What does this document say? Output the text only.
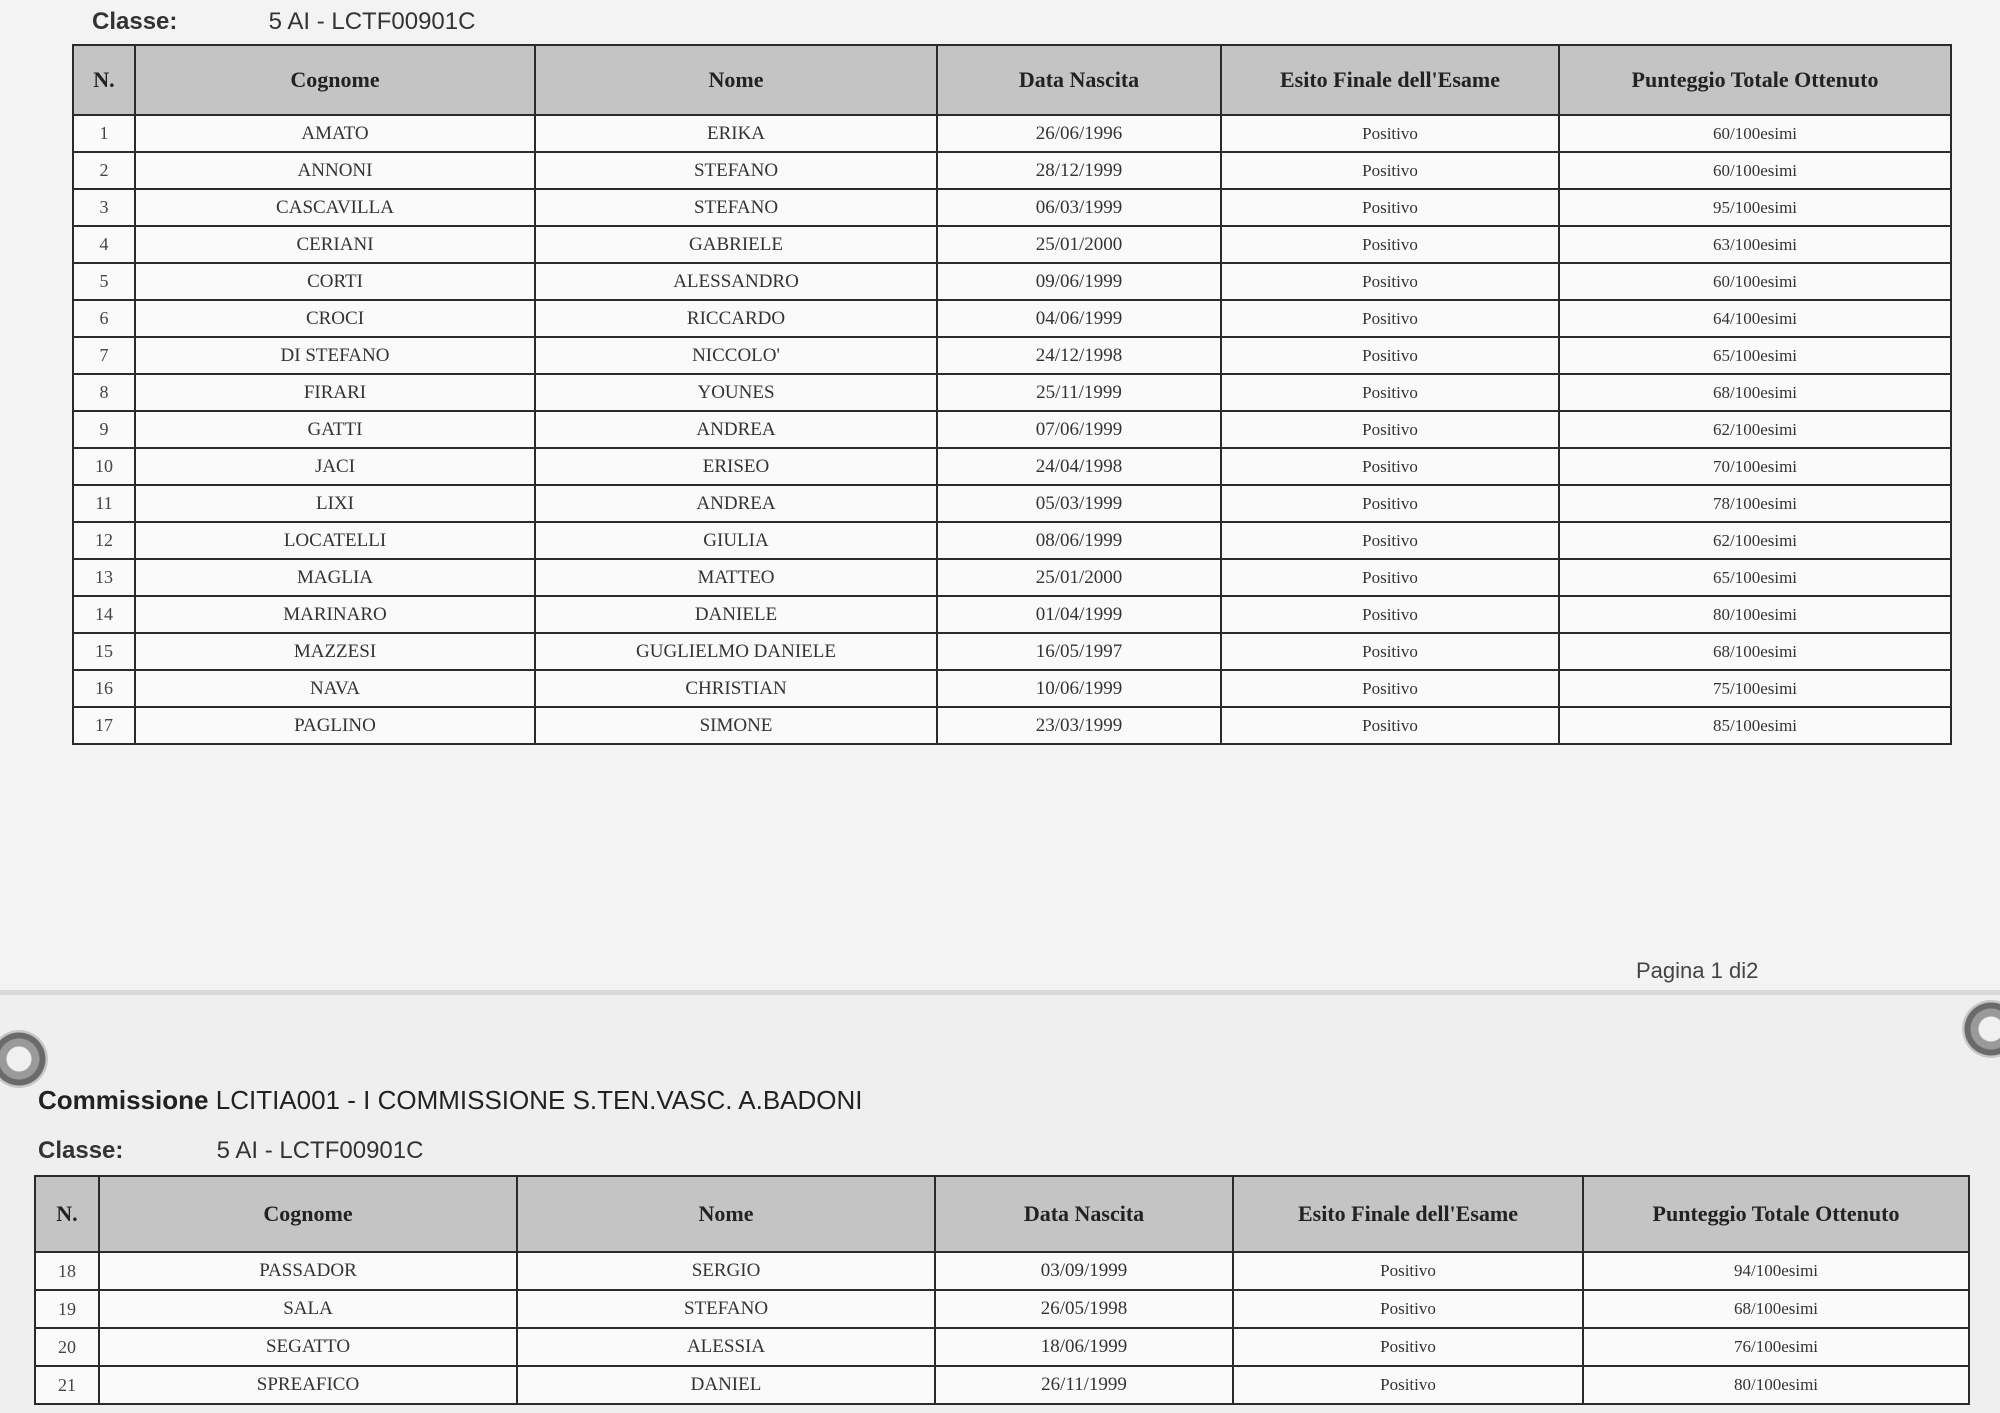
Classe:	5 AI - LCTF00901C
N.	Cognome	Nome	Data Nascita	Esito Finale dell'Esame	Punteggio Totale Ottenuto
1	AMATO	ERIKA	26/06/1996	Positivo	60/100esimi
2	ANNONI	STEFANO	28/12/1999	Positivo	60/100esimi
3	CASCAVILLA	STEFANO	06/03/1999	Positivo	95/100esimi
4	CERIANI	GABRIELE	25/01/2000	Positivo	63/100esimi
5	CORTI	ALESSANDRO	09/06/1999	Positivo	60/100esimi
6	CROCI	RICCARDO	04/06/1999	Positivo	64/100esimi
7	DI STEFANO	NICCOLO'	24/12/1998	Positivo	65/100esimi
8	FIRARI	YOUNES	25/11/1999	Positivo	68/100esimi
9	GATTI	ANDREA	07/06/1999	Positivo	62/100esimi
10	JACI	ERISEO	24/04/1998	Positivo	70/100esimi
11	LIXI	ANDREA	05/03/1999	Positivo	78/100esimi
12	LOCATELLI	GIULIA	08/06/1999	Positivo	62/100esimi
13	MAGLIA	MATTEO	25/01/2000	Positivo	65/100esimi
14	MARINARO	DANIELE	01/04/1999	Positivo	80/100esimi
15	MAZZESI	GUGLIELMO DANIELE	16/05/1997	Positivo	68/100esimi
16	NAVA	CHRISTIAN	10/06/1999	Positivo	75/100esimi
17	PAGLINO	SIMONE	23/03/1999	Positivo	85/100esimi
Pagina 1 di2
Commissione LCITIA001 - I COMMISSIONE S.TEN.VASC. A.BADONI
Classe:	5 AI - LCTF00901C
N.	Cognome	Nome	Data Nascita	Esito Finale dell'Esame	Punteggio Totale Ottenuto
18	PASSADOR	SERGIO	03/09/1999	Positivo	94/100esimi
19	SALA	STEFANO	26/05/1998	Positivo	68/100esimi
20	SEGATTO	ALESSIA	18/06/1999	Positivo	76/100esimi
21	SPREAFICO	DANIEL	26/11/1999	Positivo	80/100esimi
